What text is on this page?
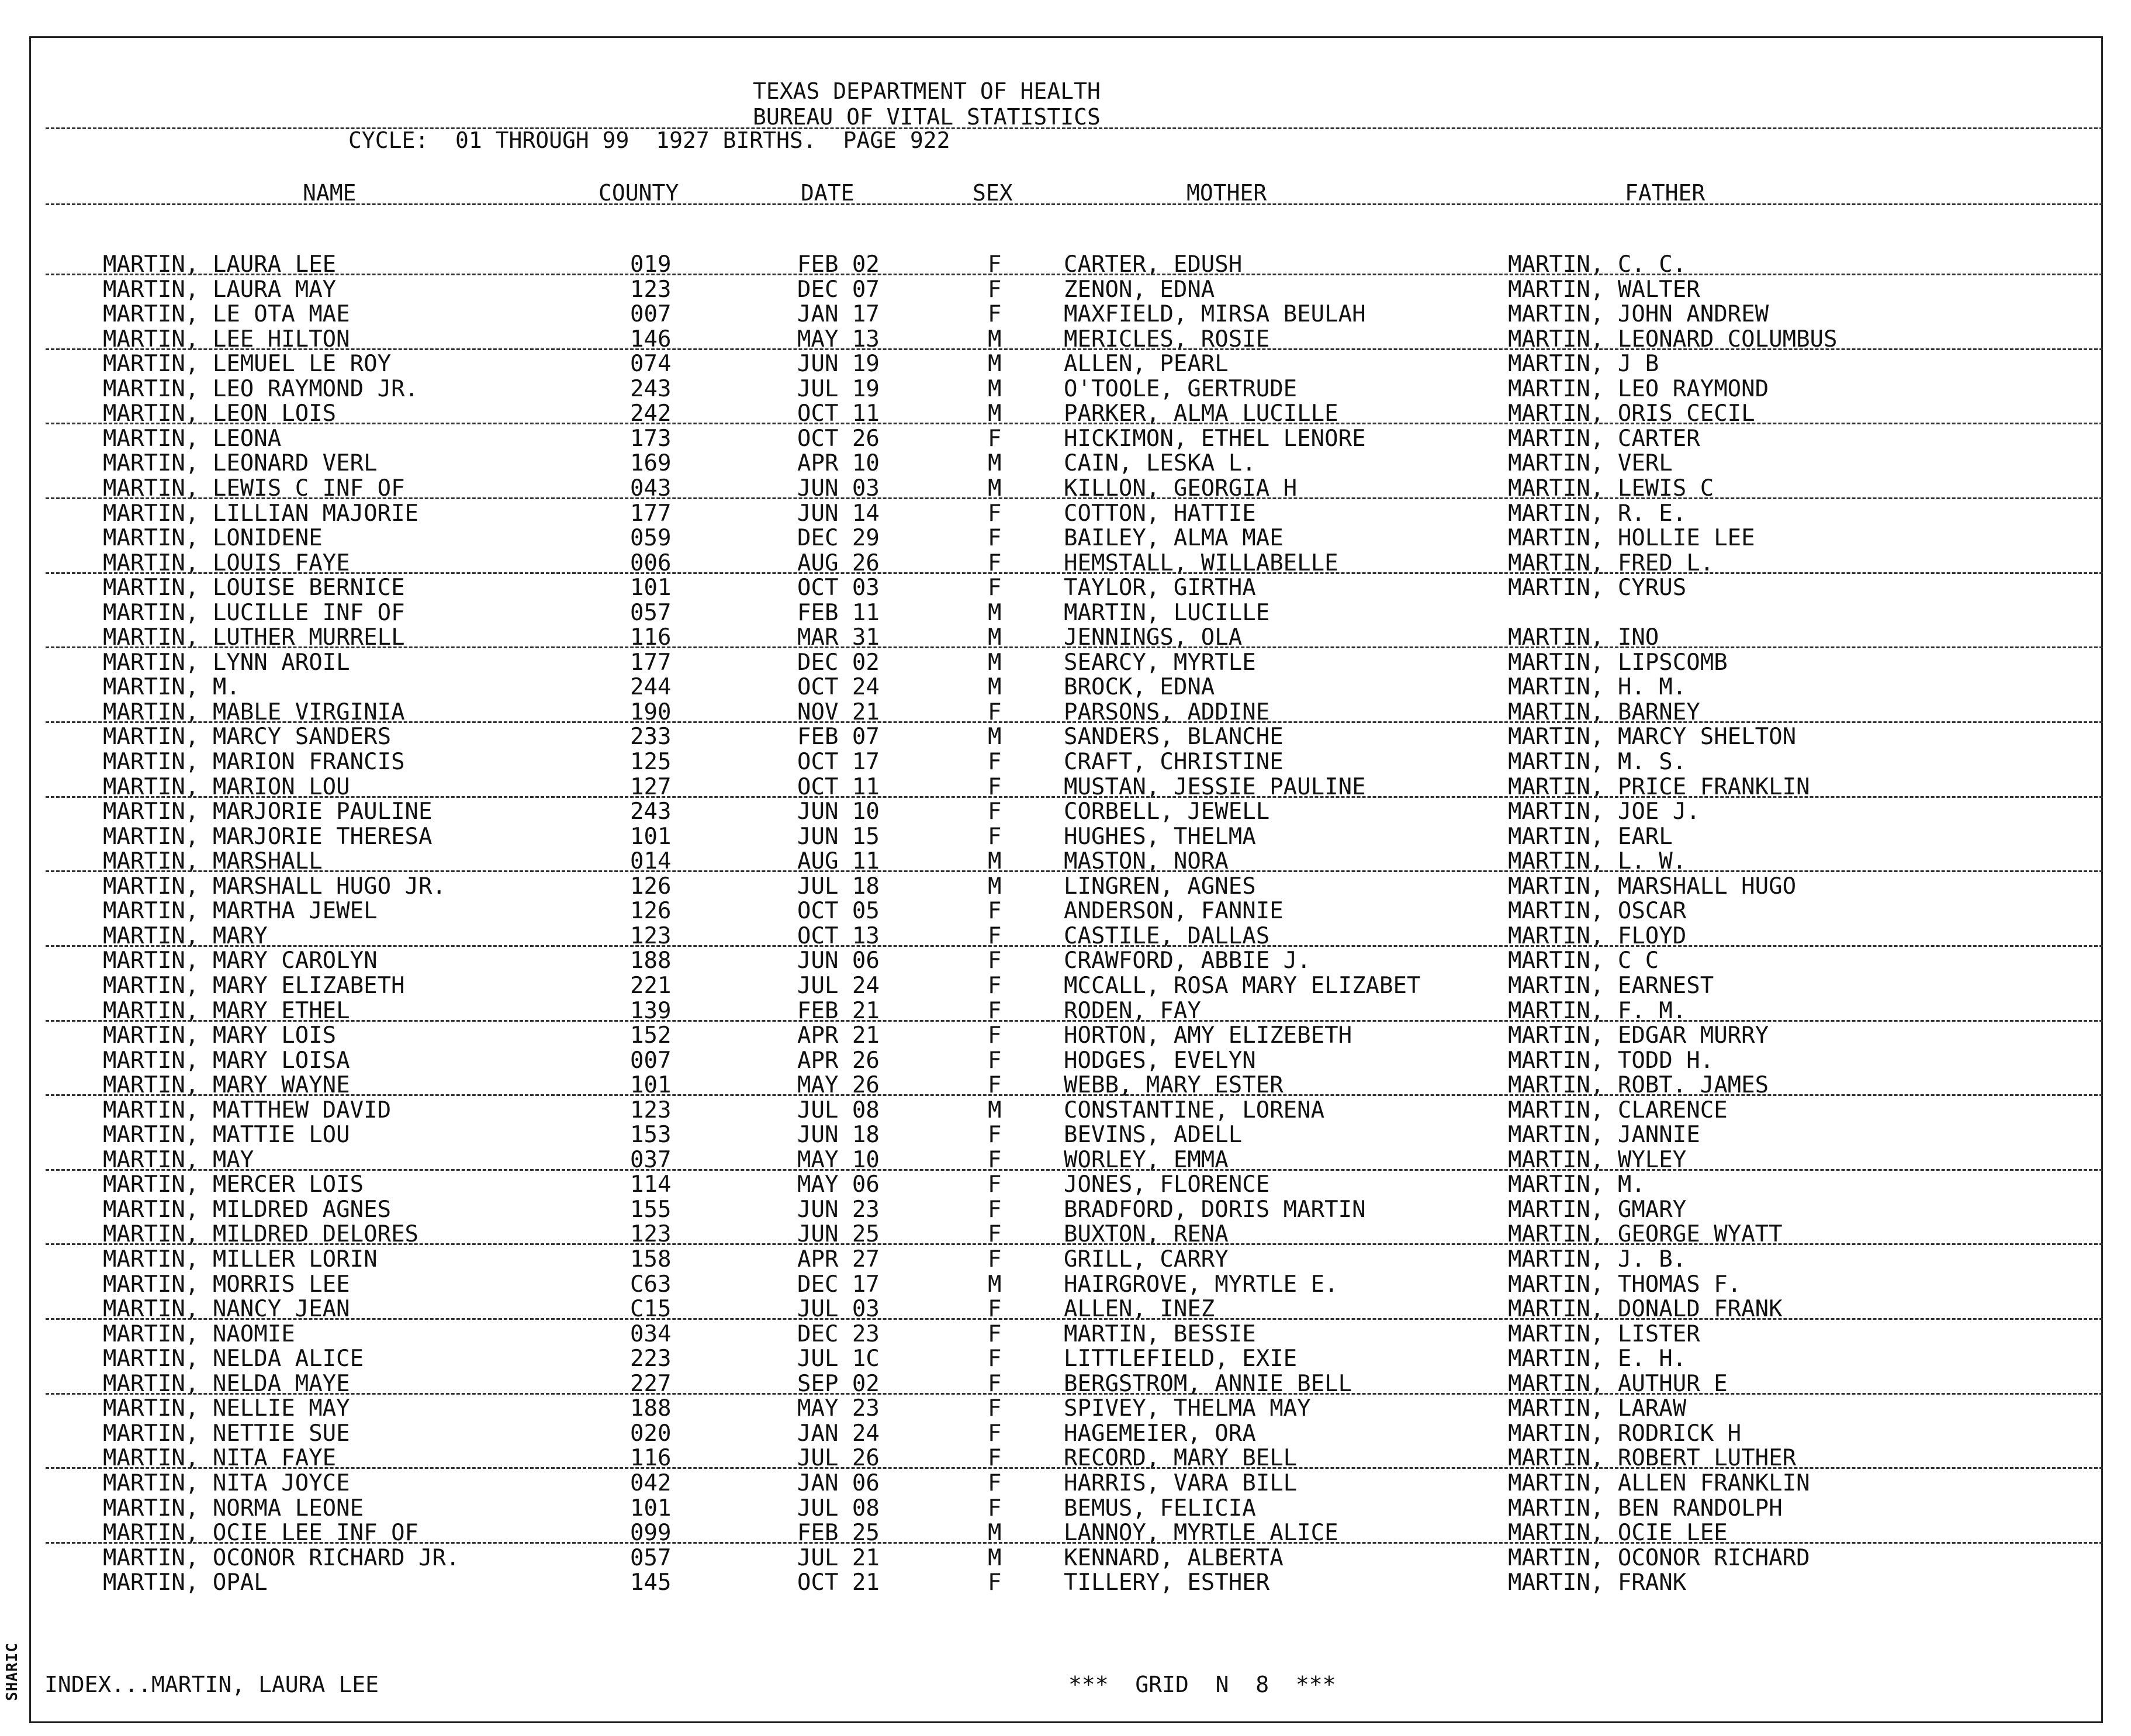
SHARIC
TEXAS DEPARTMENT OF HEALTH
BUREAU OF VITAL STATISTICS
CYCLE:  01 THROUGH 99  1927 BIRTHS.  PAGE 922
NAME	COUNTY	DATE	SEX	MOTHER	FATHER
MARTIN, LAURA LEE	019	FEB 02	F	CARTER, EDUSH	MARTIN, C. C.
MARTIN, LAURA MAY	123	DEC 07	F	ZENON, EDNA	MARTIN, WALTER
MARTIN, LE OTA MAE	007	JAN 17	F	MAXFIELD, MIRSA BEULAH	MARTIN, JOHN ANDREW
MARTIN, LEE HILTON	146	MAY 13	M	MERICLES, ROSIE	MARTIN, LEONARD COLUMBUS
MARTIN, LEMUEL LE ROY	074	JUN 19	M	ALLEN, PEARL	MARTIN, J B
MARTIN, LEO RAYMOND JR.	243	JUL 19	M	O'TOOLE, GERTRUDE	MARTIN, LEO RAYMOND
MARTIN, LEON LOIS	242	OCT 11	M	PARKER, ALMA LUCILLE	MARTIN, ORIS CECIL
MARTIN, LEONA	173	OCT 26	F	HICKIMON, ETHEL LENORE	MARTIN, CARTER
MARTIN, LEONARD VERL	169	APR 10	M	CAIN, LESKA L.	MARTIN, VERL
MARTIN, LEWIS C INF OF	043	JUN 03	M	KILLON, GEORGIA H	MARTIN, LEWIS C
MARTIN, LILLIAN MAJORIE	177	JUN 14	F	COTTON, HATTIE	MARTIN, R. E.
MARTIN, LONIDENE	059	DEC 29	F	BAILEY, ALMA MAE	MARTIN, HOLLIE LEE
MARTIN, LOUIS FAYE	006	AUG 26	F	HEMSTALL, WILLABELLE	MARTIN, FRED L.
MARTIN, LOUISE BERNICE	101	OCT 03	F	TAYLOR, GIRTHA	MARTIN, CYRUS
MARTIN, LUCILLE INF OF	057	FEB 11	M	MARTIN, LUCILLE
MARTIN, LUTHER MURRELL	116	MAR 31	M	JENNINGS, OLA	MARTIN, INO
MARTIN, LYNN AROIL	177	DEC 02	M	SEARCY, MYRTLE	MARTIN, LIPSCOMB
MARTIN, M.	244	OCT 24	M	BROCK, EDNA	MARTIN, H. M.
MARTIN, MABLE VIRGINIA	190	NOV 21	F	PARSONS, ADDINE	MARTIN, BARNEY
MARTIN, MARCY SANDERS	233	FEB 07	M	SANDERS, BLANCHE	MARTIN, MARCY SHELTON
MARTIN, MARION FRANCIS	125	OCT 17	F	CRAFT, CHRISTINE	MARTIN, M. S.
MARTIN, MARION LOU	127	OCT 11	F	MUSTAN, JESSIE PAULINE	MARTIN, PRICE FRANKLIN
MARTIN, MARJORIE PAULINE	243	JUN 10	F	CORBELL, JEWELL	MARTIN, JOE J.
MARTIN, MARJORIE THERESA	101	JUN 15	F	HUGHES, THELMA	MARTIN, EARL
MARTIN, MARSHALL	014	AUG 11	M	MASTON, NORA	MARTIN, L. W.
MARTIN, MARSHALL HUGO JR.	126	JUL 18	M	LINGREN, AGNES	MARTIN, MARSHALL HUGO
MARTIN, MARTHA JEWEL	126	OCT 05	F	ANDERSON, FANNIE	MARTIN, OSCAR
MARTIN, MARY	123	OCT 13	F	CASTILE, DALLAS	MARTIN, FLOYD
MARTIN, MARY CAROLYN	188	JUN 06	F	CRAWFORD, ABBIE J.	MARTIN, C C
MARTIN, MARY ELIZABETH	221	JUL 24	F	MCCALL, ROSA MARY ELIZABET	MARTIN, EARNEST
MARTIN, MARY ETHEL	139	FEB 21	F	RODEN, FAY	MARTIN, F. M.
MARTIN, MARY LOIS	152	APR 21	F	HORTON, AMY ELIZEBETH	MARTIN, EDGAR MURRY
MARTIN, MARY LOISA	007	APR 26	F	HODGES, EVELYN	MARTIN, TODD H.
MARTIN, MARY WAYNE	101	MAY 26	F	WEBB, MARY ESTER	MARTIN, ROBT. JAMES
MARTIN, MATTHEW DAVID	123	JUL 08	M	CONSTANTINE, LORENA	MARTIN, CLARENCE
MARTIN, MATTIE LOU	153	JUN 18	F	BEVINS, ADELL	MARTIN, JANNIE
MARTIN, MAY	037	MAY 10	F	WORLEY, EMMA	MARTIN, WYLEY
MARTIN, MERCER LOIS	114	MAY 06	F	JONES, FLORENCE	MARTIN, M.
MARTIN, MILDRED AGNES	155	JUN 23	F	BRADFORD, DORIS MARTIN	MARTIN, GMARY
MARTIN, MILDRED DELORES	123	JUN 25	F	BUXTON, RENA	MARTIN, GEORGE WYATT
MARTIN, MILLER LORIN	158	APR 27	F	GRILL, CARRY	MARTIN, J. B.
MARTIN, MORRIS LEE	C63	DEC 17	M	HAIRGROVE, MYRTLE E.	MARTIN, THOMAS F.
MARTIN, NANCY JEAN	C15	JUL 03	F	ALLEN, INEZ	MARTIN, DONALD FRANK
MARTIN, NAOMIE	034	DEC 23	F	MARTIN, BESSIE	MARTIN, LISTER
MARTIN, NELDA ALICE	223	JUL 1C	F	LITTLEFIELD, EXIE	MARTIN, E. H.
MARTIN, NELDA MAYE	227	SEP 02	F	BERGSTROM, ANNIE BELL	MARTIN, AUTHUR E
MARTIN, NELLIE MAY	188	MAY 23	F	SPIVEY, THELMA MAY	MARTIN, LARAW
MARTIN, NETTIE SUE	020	JAN 24	F	HAGEMEIER, ORA	MARTIN, RODRICK H
MARTIN, NITA FAYE	116	JUL 26	F	RECORD, MARY BELL	MARTIN, ROBERT LUTHER
MARTIN, NITA JOYCE	042	JAN 06	F	HARRIS, VARA BILL	MARTIN, ALLEN FRANKLIN
MARTIN, NORMA LEONE	101	JUL 08	F	BEMUS, FELICIA	MARTIN, BEN RANDOLPH
MARTIN, OCIE LEE INF OF	099	FEB 25	M	LANNOY, MYRTLE ALICE	MARTIN, OCIE LEE
MARTIN, OCONOR RICHARD JR.	057	JUL 21	M	KENNARD, ALBERTA	MARTIN, OCONOR RICHARD
MARTIN, OPAL	145	OCT 21	F	TILLERY, ESTHER	MARTIN, FRANK
INDEX...MARTIN, LAURA LEE	***  GRID  N  8  ***
